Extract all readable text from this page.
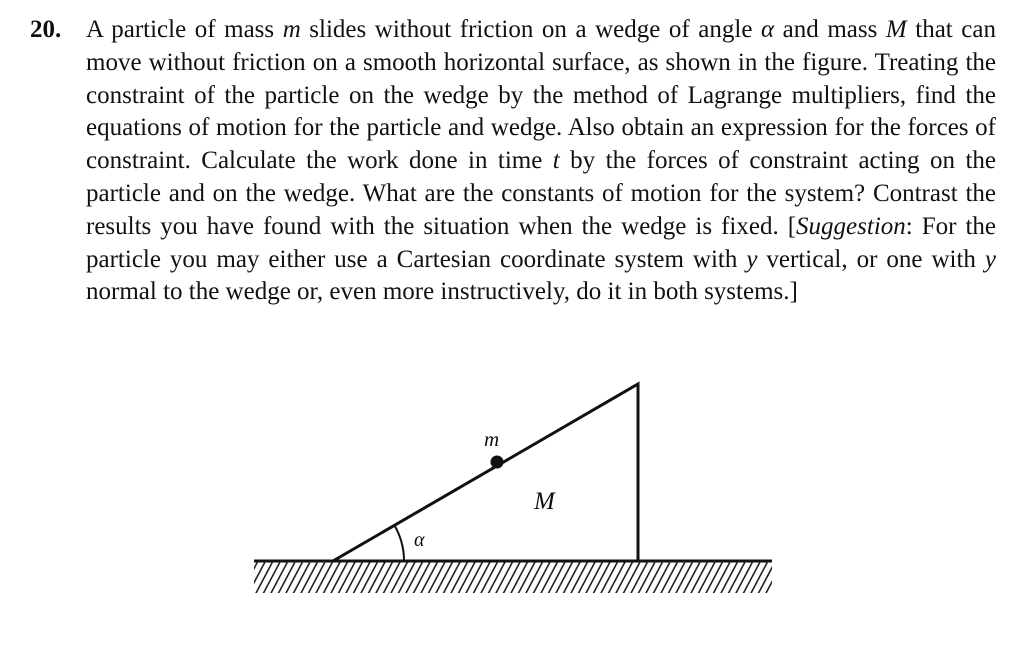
20. A particle of mass m slides without friction on a wedge of angle α and mass M that can move without friction on a smooth horizontal surface, as shown in the figure. Treating the constraint of the particle on the wedge by the method of Lagrange multipliers, find the equations of motion for the particle and wedge. Also obtain an expression for the forces of constraint. Calculate the work done in time t by the forces of constraint acting on the particle and on the wedge. What are the constants of motion for the system? Contrast the results you have found with the situation when the wedge is fixed. [Suggestion: For the particle you may either use a Cartesian coordinate system with y vertical, or one with y normal to the wedge or, even more instructively, do it in both systems.]
m
M
α
